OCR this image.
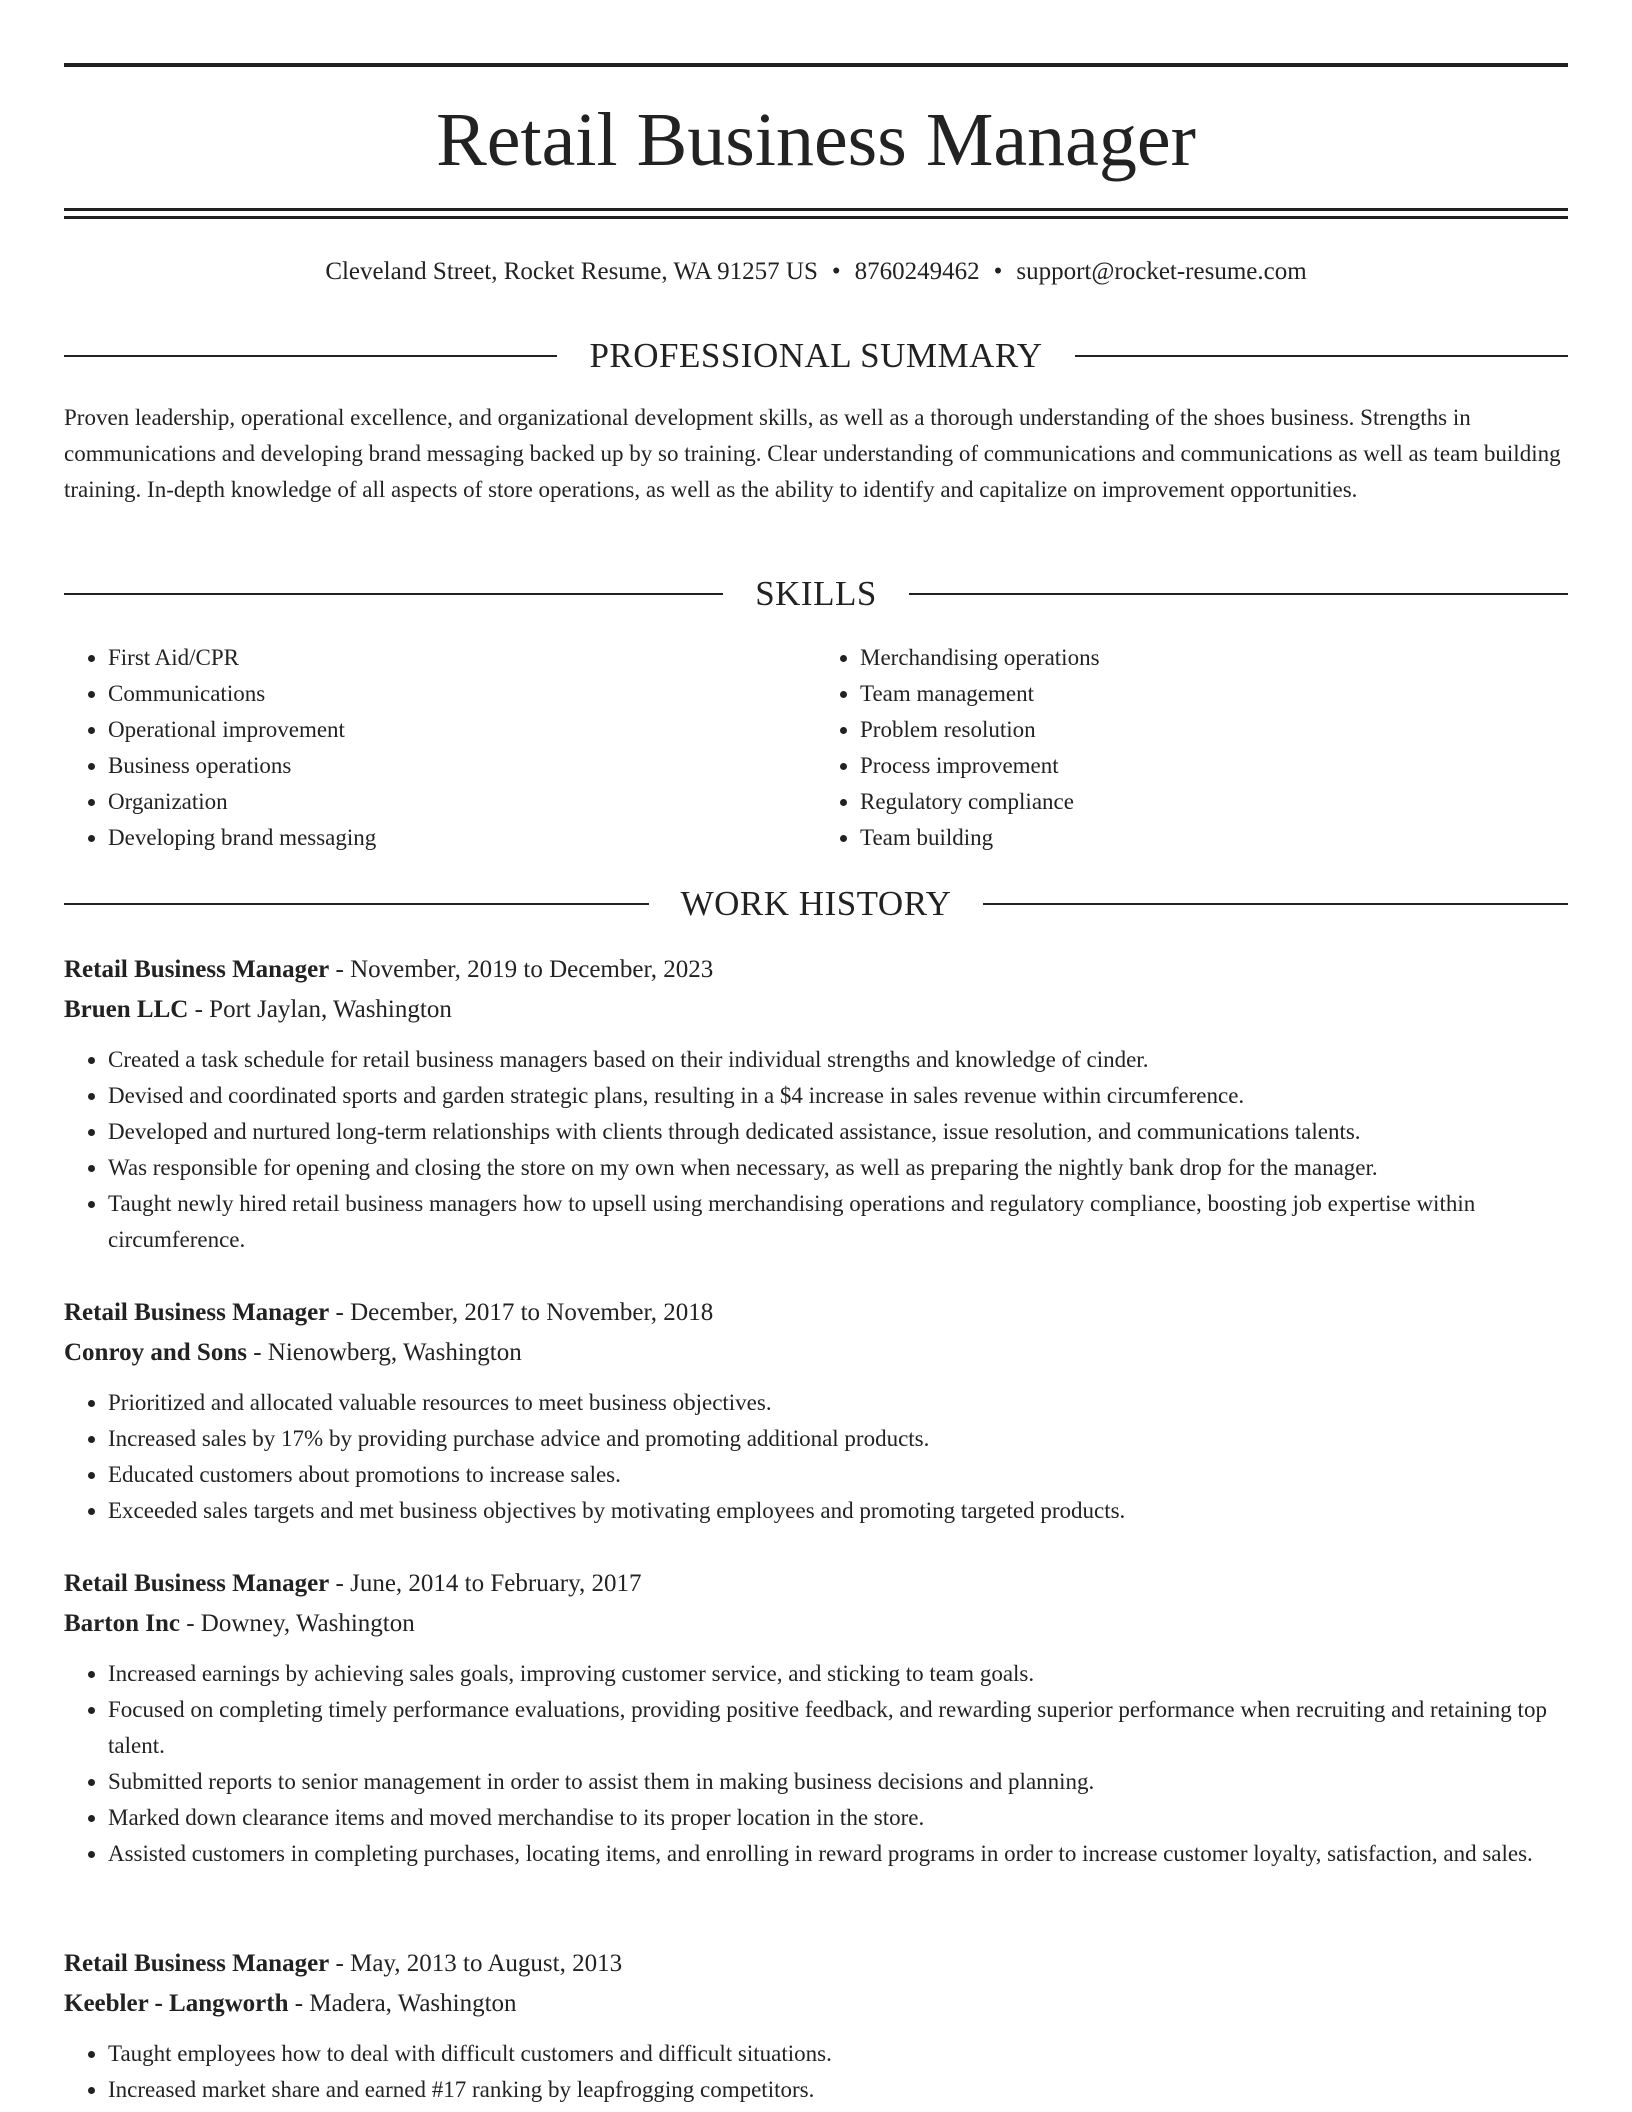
Retail Business Manager
Cleveland Street, Rocket Resume, WA 91257 US • 8760249462 • support@rocket-resume.com
PROFESSIONAL SUMMARY

Proven leadership, operational excellence, and organizational development skills, as well as a thorough understanding of the shoes business. Strengths in communications and developing brand messaging backed up by so training. Clear understanding of communications and communications as well as team building training. In-depth knowledge of all aspects of store operations, as well as the ability to identify and capitalize on improvement opportunities.

SKILLS
• First Aid/CPR
• Communications
• Operational improvement
• Business operations
• Organization
• Developing brand messaging
• Merchandising operations
• Team management
• Problem resolution
• Process improvement
• Regulatory compliance
• Team building
WORK HISTORY

Retail Business Manager - November, 2019 to December, 2023

Bruen LLC - Port Jaylan, Washington

• Created a task schedule for retail business managers based on their individual strengths and knowledge of cinder.
• Devised and coordinated sports and garden strategic plans, resulting in a $4 increase in sales revenue within circumference.
• Developed and nurtured long-term relationships with clients through dedicated assistance, issue resolution, and communications talents.
• Was responsible for opening and closing the store on my own when necessary, as well as preparing the nightly bank drop for the manager.
• Taught newly hired retail business managers how to upsell using merchandising operations and regulatory compliance, boosting job expertise within circumference.

Retail Business Manager - December, 2017 to November, 2018

Conroy and Sons - Nienowberg, Washington

• Prioritized and allocated valuable resources to meet business objectives.
• Increased sales by 17% by providing purchase advice and promoting additional products.
• Educated customers about promotions to increase sales.
• Exceeded sales targets and met business objectives by motivating employees and promoting targeted products.

Retail Business Manager - June, 2014 to February, 2017

Barton Inc - Downey, Washington

• Increased earnings by achieving sales goals, improving customer service, and sticking to team goals.
• Focused on completing timely performance evaluations, providing positive feedback, and rewarding superior performance when recruiting and retaining top talent.
• Submitted reports to senior management in order to assist them in making business decisions and planning.
• Marked down clearance items and moved merchandise to its proper location in the store.
• Assisted customers in completing purchases, locating items, and enrolling in reward programs in order to increase customer loyalty, satisfaction, and sales.

Retail Business Manager - May, 2013 to August, 2013

Keebler - Langworth - Madera, Washington

• Taught employees how to deal with difficult customers and difficult situations.
• Increased market share and earned #17 ranking by leapfrogging competitors.
